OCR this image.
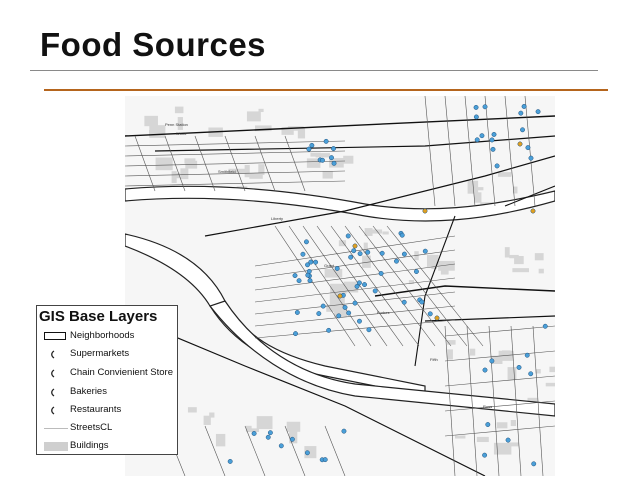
Food Sources
Penn Station
Smithfield
Liberty
Grant
Forbes
Fifth
Ross
Wood
GIS Base Layers
Neighborhoods
Supermarkets
Chain Convienient Store
Bakeries
Restaurants
StreetsCL
Buildings
